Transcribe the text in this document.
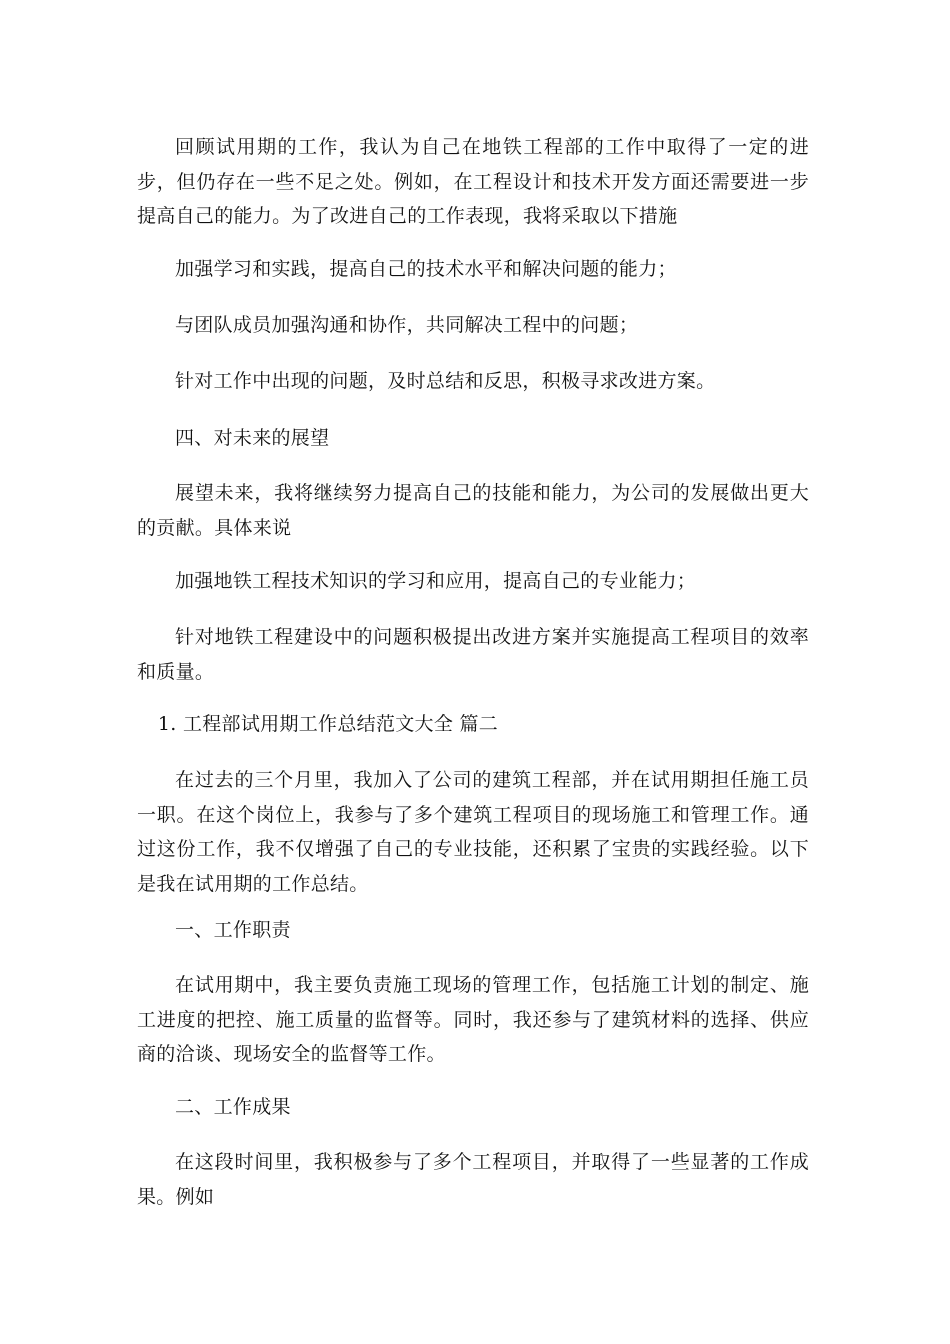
回顾试用期的工作，我认为自己在地铁工程部的工作中取得了一定的进步，但仍存在一些不足之处。例如，在工程设计和技术开发方面还需要进一步提高自己的能力。为了改进自己的工作表现，我将采取以下措施

加强学习和实践，提高自己的技术水平和解决问题的能力；

与团队成员加强沟通和协作，共同解决工程中的问题；

针对工作中出现的问题，及时总结和反思，积极寻求改进方案。

四、对未来的展望

展望未来，我将继续努力提高自己的技能和能力，为公司的发展做出更大的贡献。具体来说

加强地铁工程技术知识的学习和应用，提高自己的专业能力；

针对地铁工程建设中的问题积极提出改进方案并实施提高工程项目的效率和质量。

1. 工程部试用期工作总结范文大全 篇二

在过去的三个月里，我加入了公司的建筑工程部，并在试用期担任施工员一职。在这个岗位上，我参与了多个建筑工程项目的现场施工和管理工作。通过这份工作，我不仅增强了自己的专业技能，还积累了宝贵的实践经验。以下是我在试用期的工作总结。

一、工作职责

在试用期中，我主要负责施工现场的管理工作，包括施工计划的制定、施工进度的把控、施工质量的监督等。同时，我还参与了建筑材料的选择、供应商的洽谈、现场安全的监督等工作。

二、工作成果

在这段时间里，我积极参与了多个工程项目，并取得了一些显著的工作成果。例如
